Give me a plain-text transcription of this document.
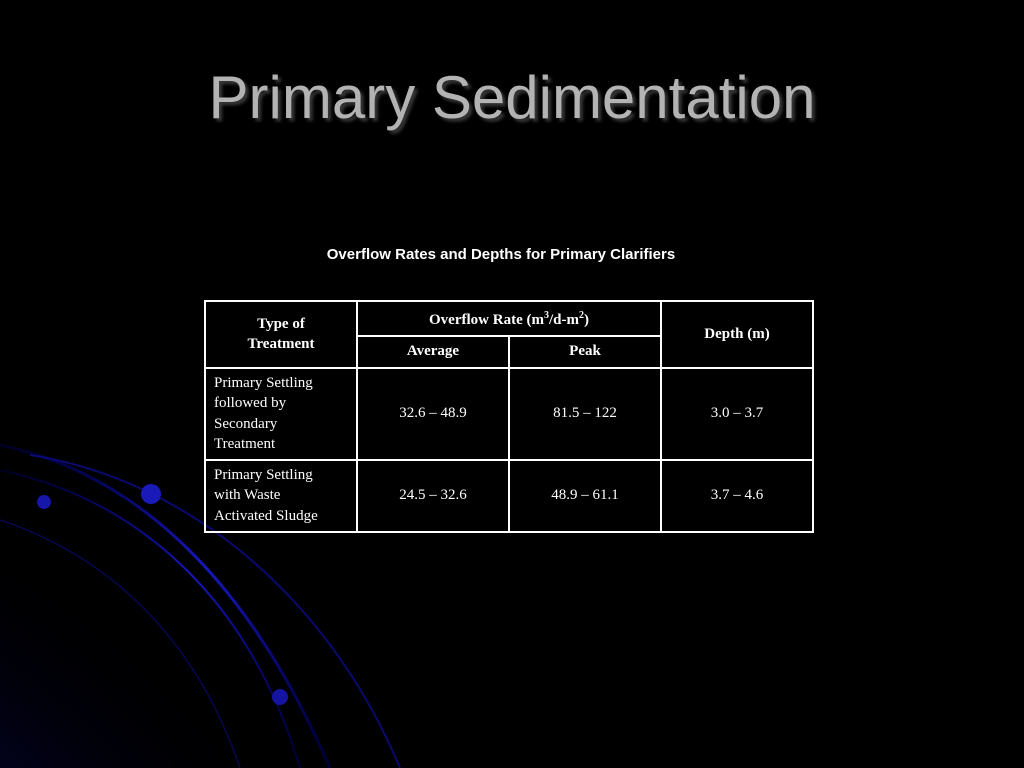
Primary Sedimentation
Overflow Rates and Depths for Primary Clarifiers
Type of
Treatment	Overflow Rate $(m^3/d-m^2)$		Depth (m)
	Average	Peak	
Primary Settling
followed by
Secondary
Treatment	32.6 – 48.9	81.5 – 122	3.0 – 3.7
Primary Settling
with Waste
Activated Sludge	24.5 – 32.6	48.9 – 61.1	3.7 – 4.6
